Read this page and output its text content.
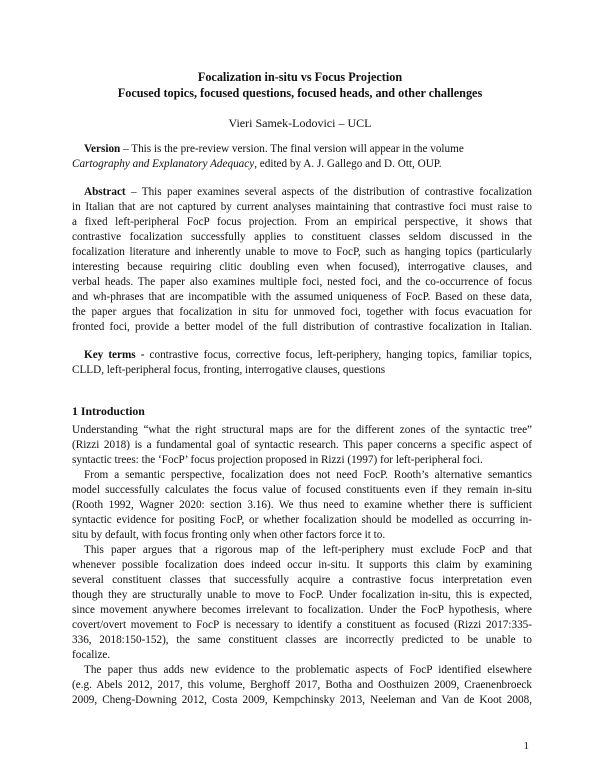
Focalization in-situ vs Focus Projection

Focused topics, focused questions, focused heads, and other challenges

Vieri Samek-Lodovici – UCL

Version – This is the pre-review version. The final version will appear in the volume

Cartography and Explanatory Adequacy, edited by A. J. Gallego and D. Ott, OUP.

Abstract – This paper examines several aspects of the distribution of contrastive focalization

in Italian that are not captured by current analyses maintaining that contrastive foci must raise to

a fixed left-peripheral FocP focus projection. From an empirical perspective, it shows that

contrastive focalization successfully applies to constituent classes seldom discussed in the

focalization literature and inherently unable to move to FocP, such as hanging topics (particularly

interesting because requiring clitic doubling even when focused), interrogative clauses, and

verbal heads. The paper also examines multiple foci, nested foci, and the co-occurrence of focus

and wh-phrases that are incompatible with the assumed uniqueness of FocP. Based on these data,

the paper argues that focalization in situ for unmoved foci, together with focus evacuation for

fronted foci, provide a better model of the full distribution of contrastive focalization in Italian.

Key terms - contrastive focus, corrective focus, left-periphery, hanging topics, familiar topics,

CLLD, left-peripheral focus, fronting, interrogative clauses, questions

1 Introduction

Understanding “what the right structural maps are for the different zones of the syntactic tree”

(Rizzi 2018) is a fundamental goal of syntactic research. This paper concerns a specific aspect of

syntactic trees: the ‘FocP’ focus projection proposed in Rizzi (1997) for left-peripheral foci.

From a semantic perspective, focalization does not need FocP. Rooth’s alternative semantics

model successfully calculates the focus value of focused constituents even if they remain in-situ

(Rooth 1992, Wagner 2020: section 3.16). We thus need to examine whether there is sufficient

syntactic evidence for positing FocP, or whether focalization should be modelled as occurring in-

situ by default, with focus fronting only when other factors force it to.

This paper argues that a rigorous map of the left-periphery must exclude FocP and that

whenever possible focalization does indeed occur in-situ. It supports this claim by examining

several constituent classes that successfully acquire a contrastive focus interpretation even

though they are structurally unable to move to FocP. Under focalization in-situ, this is expected,

since movement anywhere becomes irrelevant to focalization. Under the FocP hypothesis, where

covert/overt movement to FocP is necessary to identify a constituent as focused (Rizzi 2017:335-

336, 2018:150-152), the same constituent classes are incorrectly predicted to be unable to

focalize.

The paper thus adds new evidence to the problematic aspects of FocP identified elsewhere

(e.g. Abels 2012, 2017, this volume, Berghoff 2017, Botha and Oosthuizen 2009, Craenenbroeck

2009, Cheng-Downing 2012, Costa 2009, Kempchinsky 2013, Neeleman and Van de Koot 2008,

1
